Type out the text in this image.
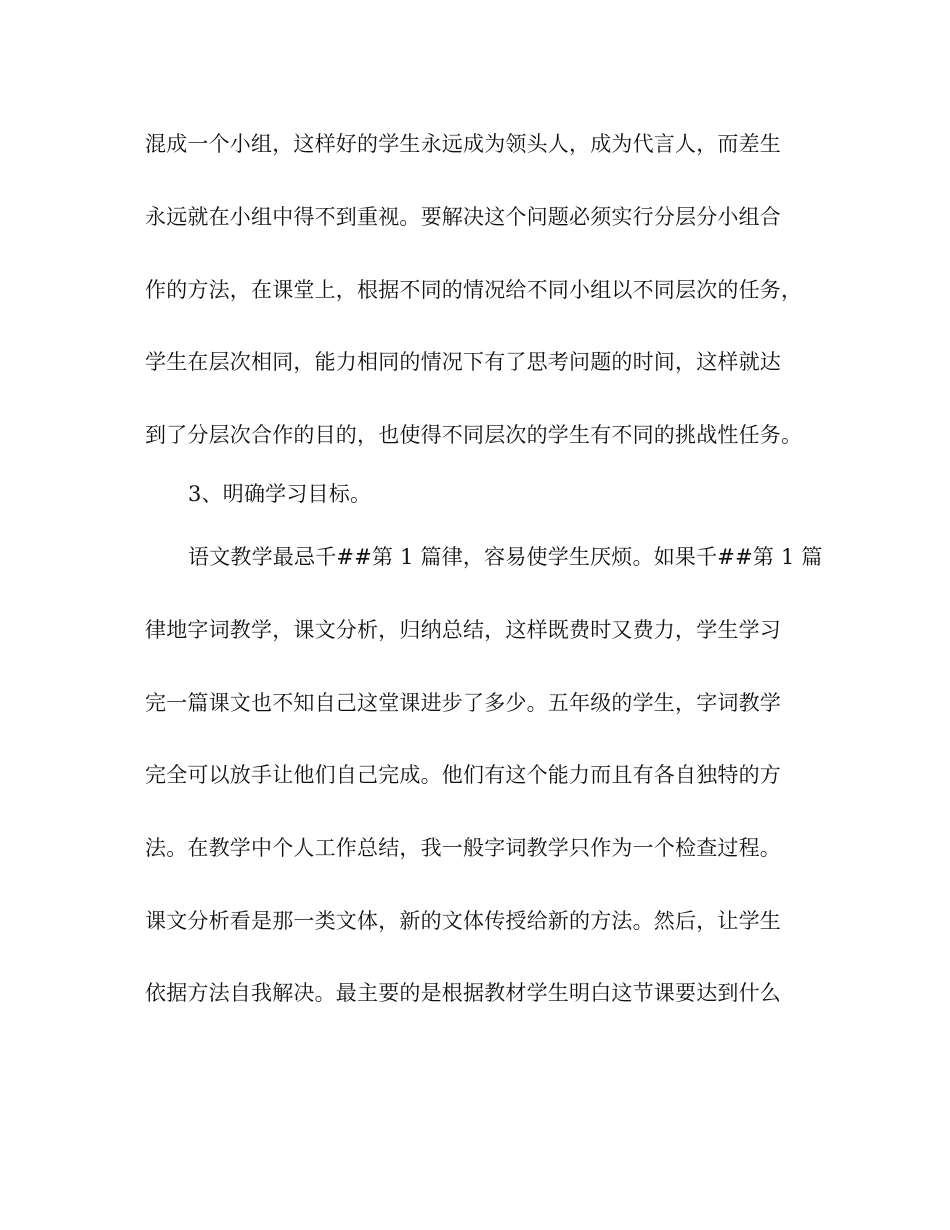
混成一个小组，这样好的学生永远成为领头人，成为代言人，而差生
永远就在小组中得不到重视。要解决这个问题必须实行分层分小组合
作的方法，在课堂上，根据不同的情况给不同小组以不同层次的任务，
学生在层次相同，能力相同的情况下有了思考问题的时间，这样就达
到了分层次合作的目的，也使得不同层次的学生有不同的挑战性任务。
3、明确学习目标。
语文教学最忌千##第 1 篇律，容易使学生厌烦。如果千##第 1 篇
律地字词教学，课文分析，归纳总结，这样既费时又费力，学生学习
完一篇课文也不知自己这堂课进步了多少。五年级的学生，字词教学
完全可以放手让他们自己完成。他们有这个能力而且有各自独特的方
法。在教学中个人工作总结，我一般字词教学只作为一个检查过程。
课文分析看是那一类文体，新的文体传授给新的方法。然后，让学生
依据方法自我解决。最主要的是根据教材学生明白这节课要达到什么
